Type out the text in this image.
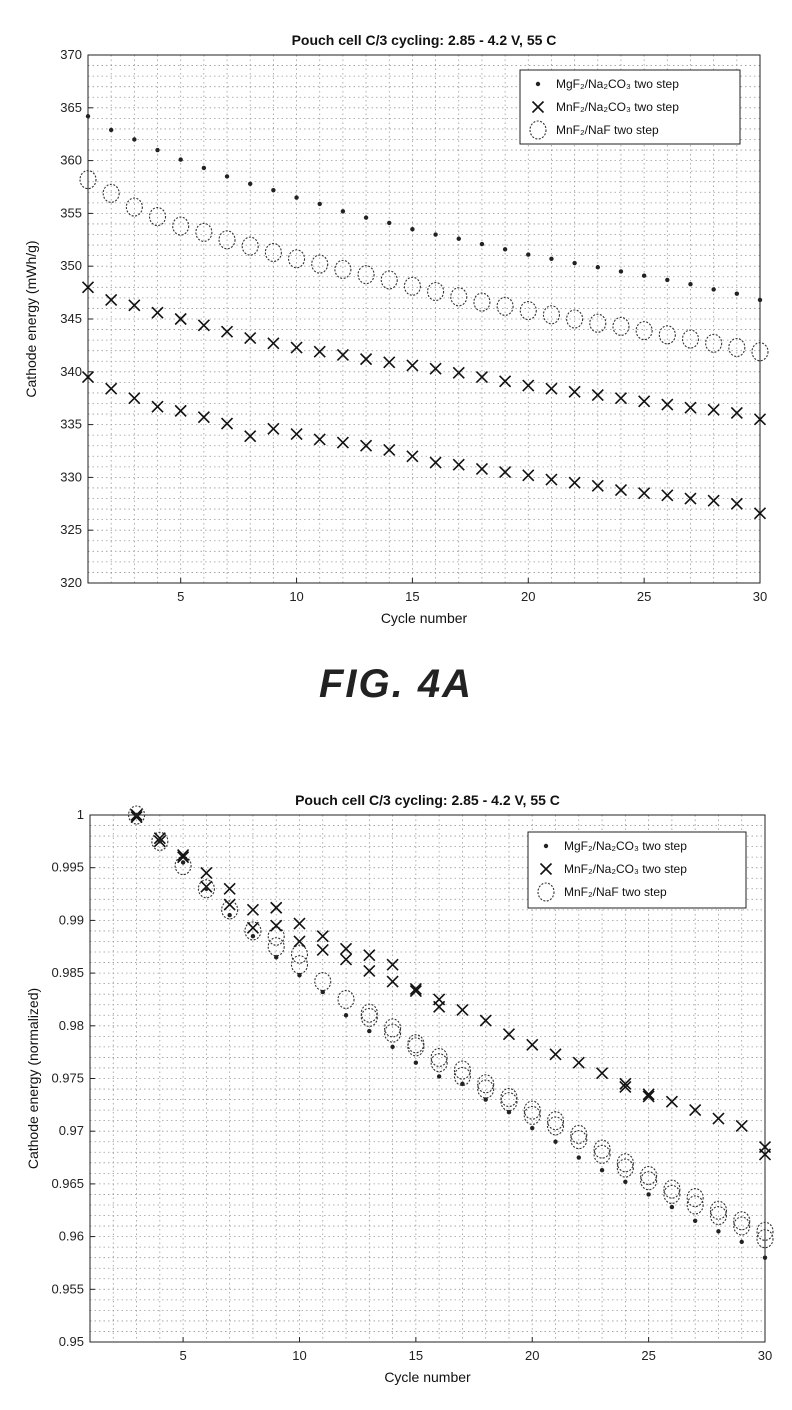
5	10	15	20	25	30
320
325
330
335
340
345
350
355
360
365
370
Pouch cell C/3 cycling: 2.85 - 4.2 V, 55 C
Cycle number
Cathode energy (mWh/g)
MgF₂/Na₂CO₃ two step
MnF₂/Na₂CO₃ two step
MnF₂/NaF two step
FIG. 4A
5	10	15	20	25	30
0.95
0.955
0.96
0.965
0.97
0.975
0.98
0.985
0.99
0.995
1
Pouch cell C/3 cycling: 2.85 - 4.2 V, 55 C
Cycle number
Cathode energy (normalized)
MgF₂/Na₂CO₃ two step
MnF₂/Na₂CO₃ two step
MnF₂/NaF two step
